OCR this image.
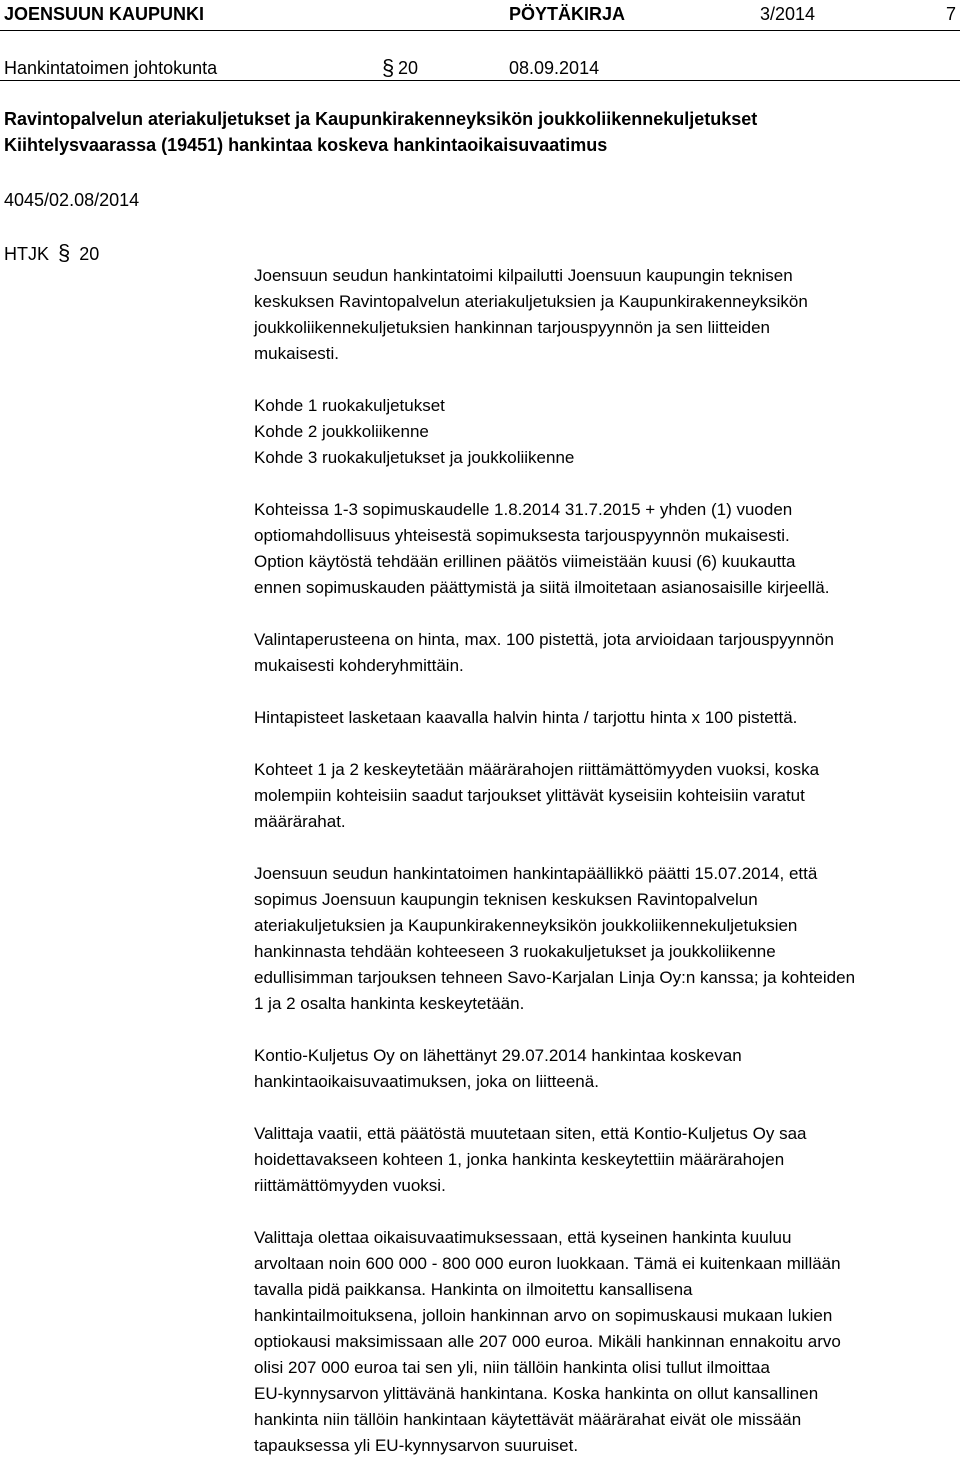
JOENSUUN KAUPUNKI	PÖYTÄKIRJA	3/2014	7
Hankintatoimen johtokunta	§ 20	08.09.2014
Ravintopalvelun ateriakuljetukset ja Kaupunkirakenneyksikön joukkoliikennekuljetukset
Kiihtelysvaarassa (19451) hankintaa koskeva hankintaoikaisuvaatimus
4045/02.08/2014
HTJK § 20

Joensuun seudun hankintatoimi kilpailutti Joensuun kaupungin teknisen
keskuksen Ravintopalvelun ateriakuljetuksien ja Kaupunkirakenneyksikön
joukkoliikennekuljetuksien hankinnan tarjouspyynnön ja sen liitteiden
mukaisesti.

Kohde 1 ruokakuljetukset
Kohde 2 joukkoliikenne
Kohde 3 ruokakuljetukset ja joukkoliikenne

Kohteissa 1-3 sopimuskaudelle 1.8.2014 31.7.2015 + yhden (1) vuoden
optiomahdollisuus yhteisestä sopimuksesta tarjouspyynnön mukaisesti.

Option käytöstä tehdään erillinen päätös viimeistään kuusi (6) kuukautta
ennen sopimuskauden päättymistä ja siitä ilmoitetaan asianosaisille kirjeellä.

Valintaperusteena on hinta, max. 100 pistettä, jota arvioidaan tarjouspyynnön
mukaisesti kohderyhmittäin.

Hintapisteet lasketaan kaavalla halvin hinta / tarjottu hinta x 100 pistettä.

Kohteet 1 ja 2 keskeytetään määrärahojen riittämättömyyden vuoksi, koska
molempiin kohteisiin saadut tarjoukset ylittävät kyseisiin kohteisiin varatut
määrärahat.

Joensuun seudun hankintatoimen hankintapäällikkö päätti 15.07.2014, että
sopimus Joensuun kaupungin teknisen keskuksen Ravintopalvelun
ateriakuljetuksien ja Kaupunkirakenneyksikön joukkoliikennekuljetuksien
hankinnasta tehdään kohteeseen 3 ruokakuljetukset ja joukkoliikenne
edullisimman tarjouksen tehneen Savo-Karjalan Linja Oy:n kanssa; ja kohteiden
1 ja 2 osalta hankinta keskeytetään.

Kontio-Kuljetus Oy on lähettänyt 29.07.2014 hankintaa koskevan
hankintaoikaisuvaatimuksen, joka on liitteenä.

Valittaja vaatii, että päätöstä muutetaan siten, että Kontio-Kuljetus Oy saa
hoidettavakseen kohteen 1, jonka hankinta keskeytettiin määrärahojen
riittämättömyyden vuoksi.

Valittaja olettaa oikaisuvaatimuksessaan, että kyseinen hankinta kuuluu
arvoltaan noin 600 000 - 800 000 euron luokkaan. Tämä ei kuitenkaan millään
tavalla pidä paikkansa. Hankinta on ilmoitettu kansallisena
hankintailmoituksena, jolloin hankinnan arvo on sopimuskausi mukaan lukien
optiokausi maksimissaan alle 207 000 euroa. Mikäli hankinnan ennakoitu arvo
olisi 207 000 euroa tai sen yli, niin tällöin hankinta olisi tullut ilmoittaa
EU-kynnysarvon ylittävänä hankintana. Koska hankinta on ollut kansallinen
hankinta niin tällöin hankintaan käytettävät määrärahat eivät ole missään
tapauksessa yli EU-kynnysarvon suuruiset.
